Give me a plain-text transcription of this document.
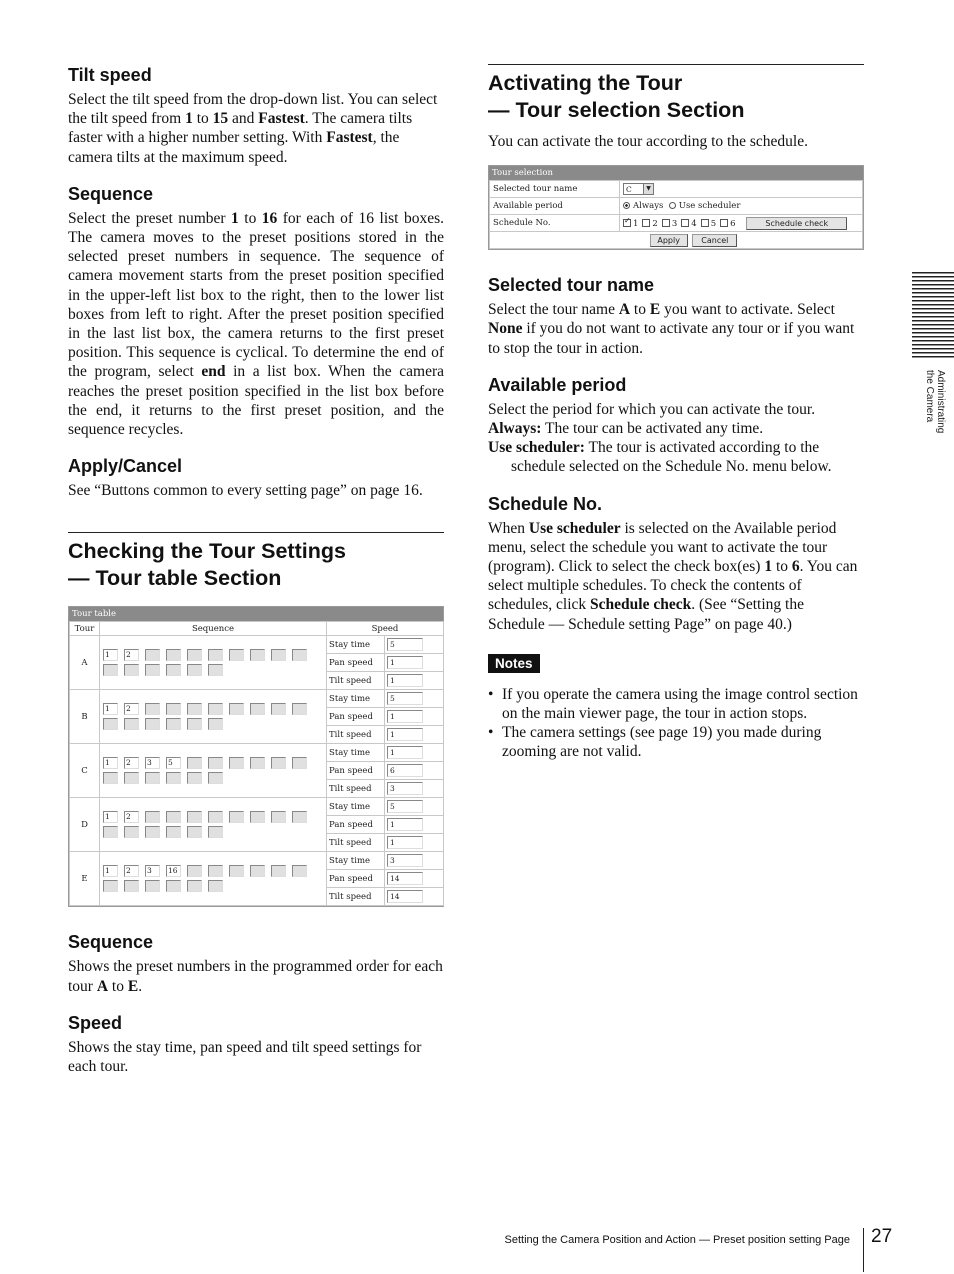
Tilt speed

Select the tilt speed from the drop-down list. You can select the tilt speed from 1 to 15 and Fastest. The camera tilts faster with a higher number setting. With Fastest, the camera tilts at the maximum speed.

Sequence

Select the preset number 1 to 16 for each of 16 list boxes. The camera moves to the preset positions stored in the selected preset numbers in sequence. The sequence of camera movement starts from the preset position specified in the upper-left list box to the right, then to the lower list boxes from left to right. After the preset position specified in the last list box, the camera returns to the first preset position. This sequence is cyclical. To determine the end of the program, select end in a list box. When the camera reaches the preset position specified in the list box before the end, it returns to the first preset position, and the sequence recycles.

Apply/Cancel

See “Buttons common to every setting page” on page 16.

Checking the Tour Settings
— Tour table Section
Tour table
Tour	Sequence	Speed	
A	1 2	Stay time	5
		Pan speed	1
		Tilt speed	1
B	1 2	Stay time	5
		Pan speed	1
		Tilt speed	1
C	1 2 3 5	Stay time	1
		Pan speed	6
		Tilt speed	3
D	1 2	Stay time	5
		Pan speed	1
		Tilt speed	1
E	1 2 3 16	Stay time	3
		Pan speed	14
		Tilt speed	14
Sequence

Shows the preset numbers in the programmed order for each tour A to E.

Speed

Shows the stay time, pan speed and tilt speed settings for each tour.

Activating the Tour
— Tour selection Section

You can activate the tour according to the schedule.

Tour selection
Selected tour name	C ▼

Available period	Always Use scheduler
Schedule No.	✓1 2 3 4 5 6 Schedule check
Apply Cancel	
Selected tour name

Select the tour name A to E you want to activate. Select None if you do not want to activate any tour or if you want to stop the tour in action.

Available period

Select the period for which you can activate the tour.

Always: The tour can be activated any time.

Use scheduler: The tour is activated according to the schedule selected on the Schedule No. menu below.

Schedule No.

When Use scheduler is selected on the Available period menu, select the schedule you want to activate the tour (program). Click to select the check box(es) 1 to 6. You can select multiple schedules. To check the contents of schedules, click Schedule check. (See “Setting the Schedule — Schedule setting Page” on page 40.)

Notes

• If you operate the camera using the image control section on the main viewer page, the tour in action stops.

• The camera settings (see page 19) you made during zooming are not valid.

Administrating the Camera
Setting the Camera Position and Action — Preset position setting Page 27
